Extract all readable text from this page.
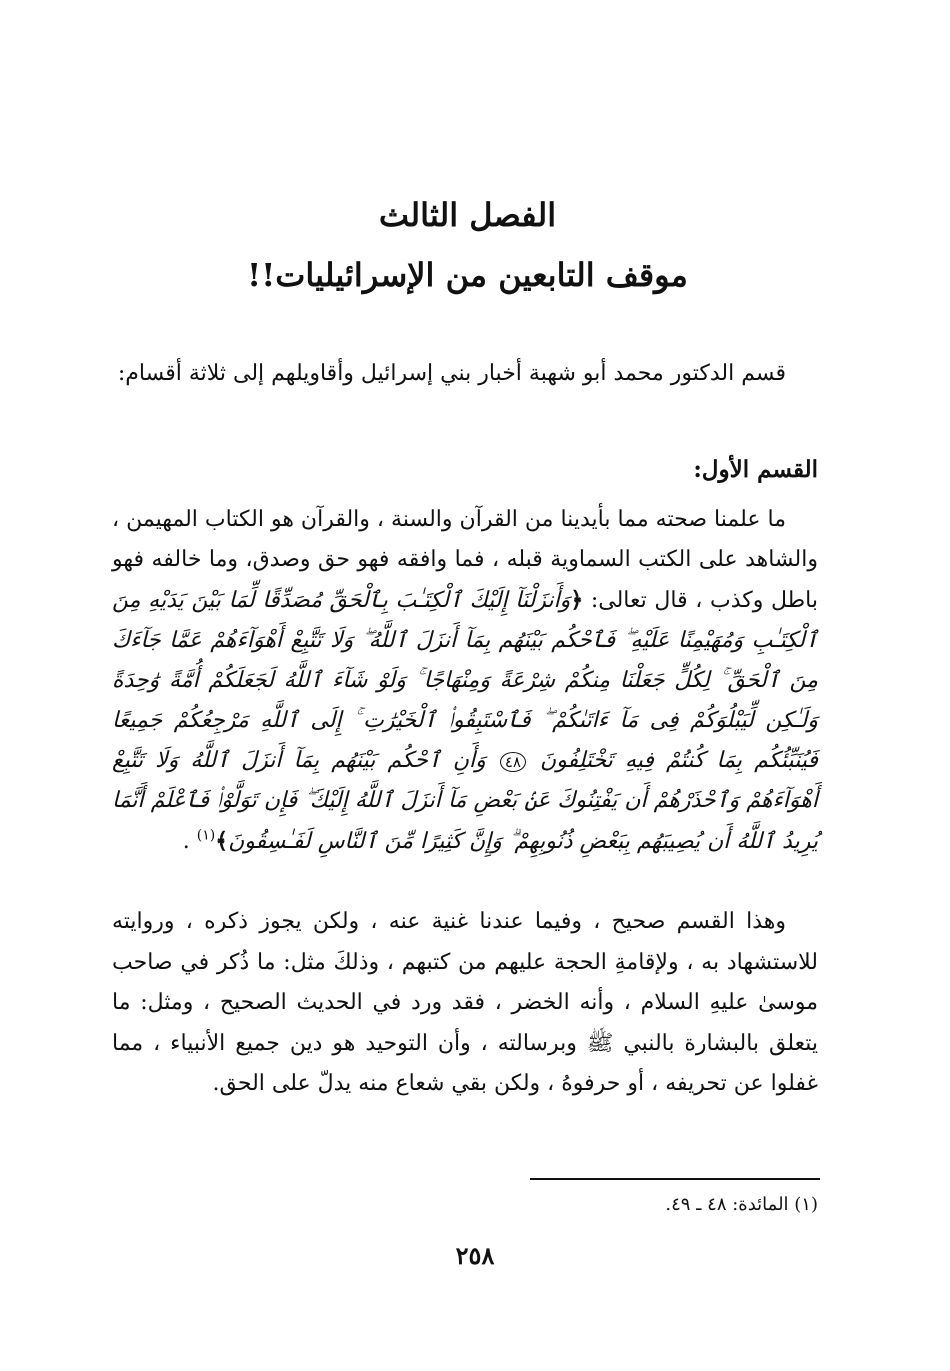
الفصل الثالث
موقف التابعين من الإسرائيليات!!
قسم الدكتور محمد أبو شهبة أخبار بني إسرائيل وأقاويلهم إلى ثلاثة أقسام:
القسم الأول:
ما علمنا صحته مما بأيدينا من القرآن والسنة ، والقرآن هو الكتاب المهيمن ، والشاهد على الكتب السماوية قبله ، فما وافقه فهو حق وصدق، وما خالفه فهو باطل وكذب ، قال تعالى: ﴿وَأَنزَلْنَآ إِلَيْكَ ٱلْكِتَـٰبَ بِٱلْحَقِّ مُصَدِّقًا لِّمَا بَيْنَ يَدَيْهِ مِنَ ٱلْكِتَـٰبِ وَمُهَيْمِنًا عَلَيْهِ ۖ فَٱحْكُم بَيْنَهُم بِمَآ أَنزَلَ ٱللَّهُ ۖ وَلَا تَتَّبِعْ أَهْوَآءَهُمْ عَمَّا جَآءَكَ مِنَ ٱلْحَقِّ ۚ لِكُلٍّ جَعَلْنَا مِنكُمْ شِرْعَةً وَمِنْهَاجًا ۚ وَلَوْ شَآءَ ٱللَّهُ لَجَعَلَكُمْ أُمَّةً وَٰحِدَةً وَلَـٰكِن لِّيَبْلُوَكُمْ فِى مَآ ءَاتَىٰكُمْ ۖ فَٱسْتَبِقُوا۟ ٱلْخَيْرَٰتِ ۚ إِلَى ٱللَّهِ مَرْجِعُكُمْ جَمِيعًا فَيُنَبِّئُكُم بِمَا كُنتُمْ فِيهِ تَخْتَلِفُونَ ٤٨ وَأَنِ ٱحْكُم بَيْنَهُم بِمَآ أَنزَلَ ٱللَّهُ وَلَا تَتَّبِعْ أَهْوَآءَهُمْ وَٱحْذَرْهُمْ أَن يَفْتِنُوكَ عَنۢ بَعْضِ مَآ أَنزَلَ ٱللَّهُ إِلَيْكَ ۖ فَإِن تَوَلَّوْا۟ فَٱعْلَمْ أَنَّمَا يُرِيدُ ٱللَّهُ أَن يُصِيبَهُم بِبَعْضِ ذُنُوبِهِمْ ۗ وَإِنَّ كَثِيرًا مِّنَ ٱلنَّاسِ لَفَـٰسِقُونَ﴾$^{(١)}$ .
وهذا القسم صحيح ، وفيما عندنا غنية عنه ، ولكن يجوز ذكره ، وروايته للاستشهاد به ، ولإقامةِ الحجة عليهم من كتبهم ، وذلكَ مثل: ما ذُكر في صاحب موسىٰ عليهِ السلام ، وأنه الخضر ، فقد ورد في الحديث الصحيح ، ومثل: ما يتعلق بالبشارة بالنبي ﷺ وبرسالته ، وأن التوحيد هو دين جميع الأنبياء ، مما غفلوا عن تحريفه ، أو حرفوهُ ، ولكن بقي شعاع منه يدلّ على الحق.
(١) المائدة: ٤٨ ـ ٤٩.
٢٥٨
